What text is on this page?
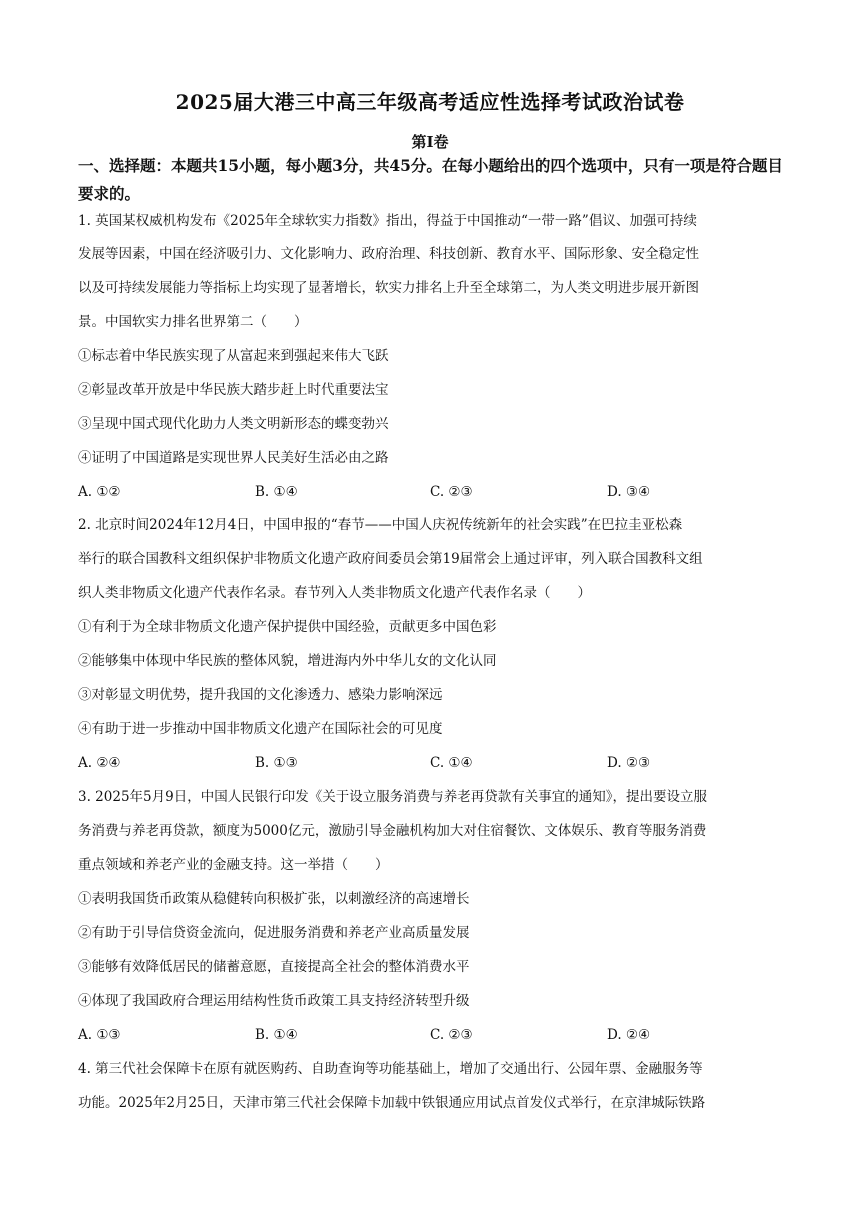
2025届大港三中高三年级高考适应性选择考试政治试卷
第Ⅰ卷
一、选择题：本题共15小题，每小题3分，共45分。在每小题给出的四个选项中，只有一项是符合题目要求的。
1. 英国某权威机构发布《2025年全球软实力指数》指出，得益于中国推动“一带一路”倡议、加强可持续
发展等因素，中国在经济吸引力、文化影响力、政府治理、科技创新、教育水平、国际形象、安全稳定性
以及可持续发展能力等指标上均实现了显著增长，软实力排名上升至全球第二，为人类文明进步展开新图
景。中国软实力排名世界第二（　　）
①标志着中华民族实现了从富起来到强起来伟大飞跃
②彰显改革开放是中华民族大踏步赶上时代重要法宝
③呈现中国式现代化助力人类文明新形态的蝶变勃兴
④证明了中国道路是实现世界人民美好生活必由之路
A. ①②	B. ①④	C. ②③	D. ③④
2. 北京时间2024年12月4日，中国申报的“春节——中国人庆祝传统新年的社会实践”在巴拉圭亚松森
举行的联合国教科文组织保护非物质文化遗产政府间委员会第19届常会上通过评审，列入联合国教科文组
织人类非物质文化遗产代表作名录。春节列入人类非物质文化遗产代表作名录（　　）
①有利于为全球非物质文化遗产保护提供中国经验，贡献更多中国色彩
②能够集中体现中华民族的整体风貌，增进海内外中华儿女的文化认同
③对彰显文明优势，提升我国的文化渗透力、感染力影响深远
④有助于进一步推动中国非物质文化遗产在国际社会的可见度
A. ②④	B. ①③	C. ①④	D. ②③
3. 2025年5月9日，中国人民银行印发《关于设立服务消费与养老再贷款有关事宜的通知》，提出要设立服
务消费与养老再贷款，额度为5000亿元，激励引导金融机构加大对住宿餐饮、文体娱乐、教育等服务消费
重点领域和养老产业的金融支持。这一举措（　　）
①表明我国货币政策从稳健转向积极扩张，以刺激经济的高速增长
②有助于引导信贷资金流向，促进服务消费和养老产业高质量发展
③能够有效降低居民的储蓄意愿，直接提高全社会的整体消费水平
④体现了我国政府合理运用结构性货币政策工具支持经济转型升级
A. ①③	B. ①④	C. ②③	D. ②④
4. 第三代社会保障卡在原有就医购药、自助查询等功能基础上，增加了交通出行、公园年票、金融服务等
功能。2025年2月25日，天津市第三代社会保障卡加载中铁银通应用试点首发仪式举行，在京津城际铁路
